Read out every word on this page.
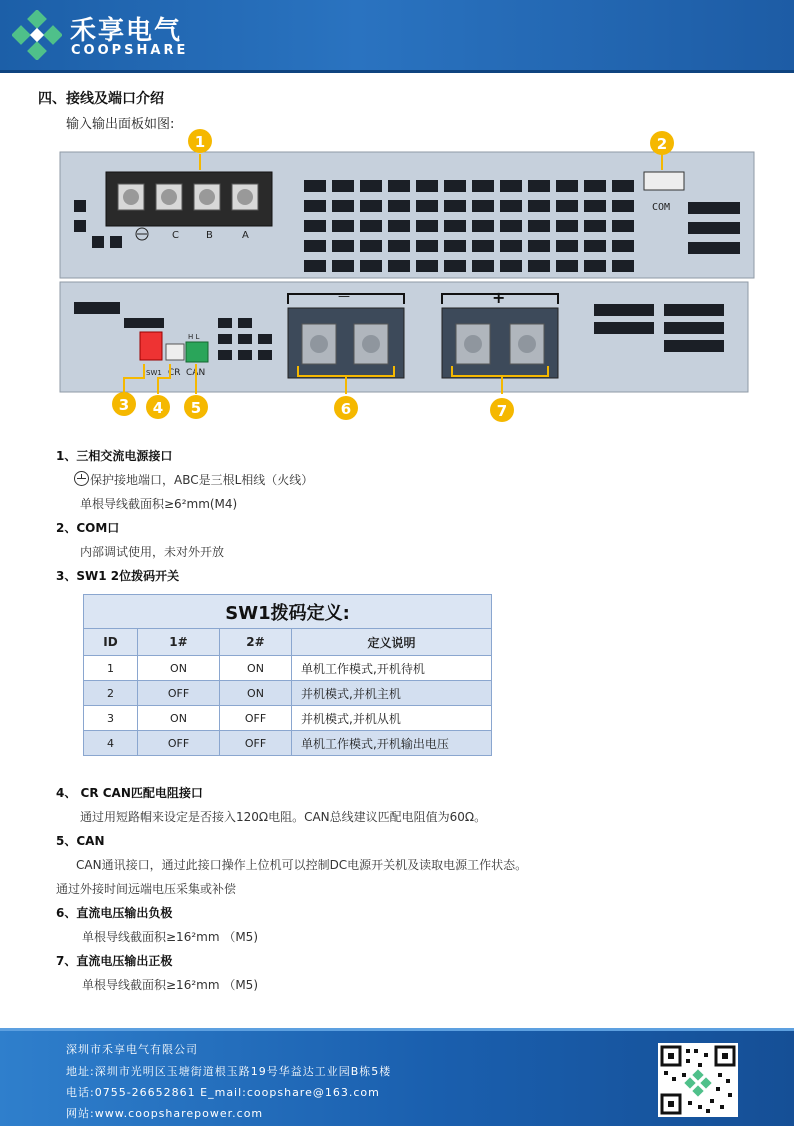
禾享电气
COOPSHARE
四、接线及端口介绍
输入输出面板如图:
C	B	A
COM
SW1 CR CAN
H L
—	+
1	2
3 4 5	6	7
1、三相交流电源接口
保护接地端口，ABC是三根L相线（火线）
单根导线截面积≥6²mm(M4)
2、COM口
内部调试使用，未对外开放
3、SW1 2位拨码开关
SW1拨码定义:			
ID	1#	2#	定义说明
1	ON	ON	单机工作模式,开机待机
2	OFF	ON	并机模式,并机主机
3	ON	OFF	并机模式,并机从机
4	OFF	OFF	单机工作模式,开机输出电压
4、 CR CAN匹配电阻接口
通过用短路帽来设定是否接入120Ω电阻。CAN总线建议匹配电阻值为60Ω。
5、CAN
CAN通讯接口，通过此接口操作上位机可以控制DC电源开关机及读取电源工作状态。
通过外接时间远端电压采集或补偿
6、直流电压输出负极
单根导线截面积≥16²mm （M5)
7、直流电压输出正极
单根导线截面积≥16²mm （M5)
深圳市禾享电气有限公司
地址:深圳市光明区玉塘街道根玉路19号华益达工业园B栋5楼
电话:0755-26652861 E_mail:coopshare@163.com
网站:www.coopsharepower.com
